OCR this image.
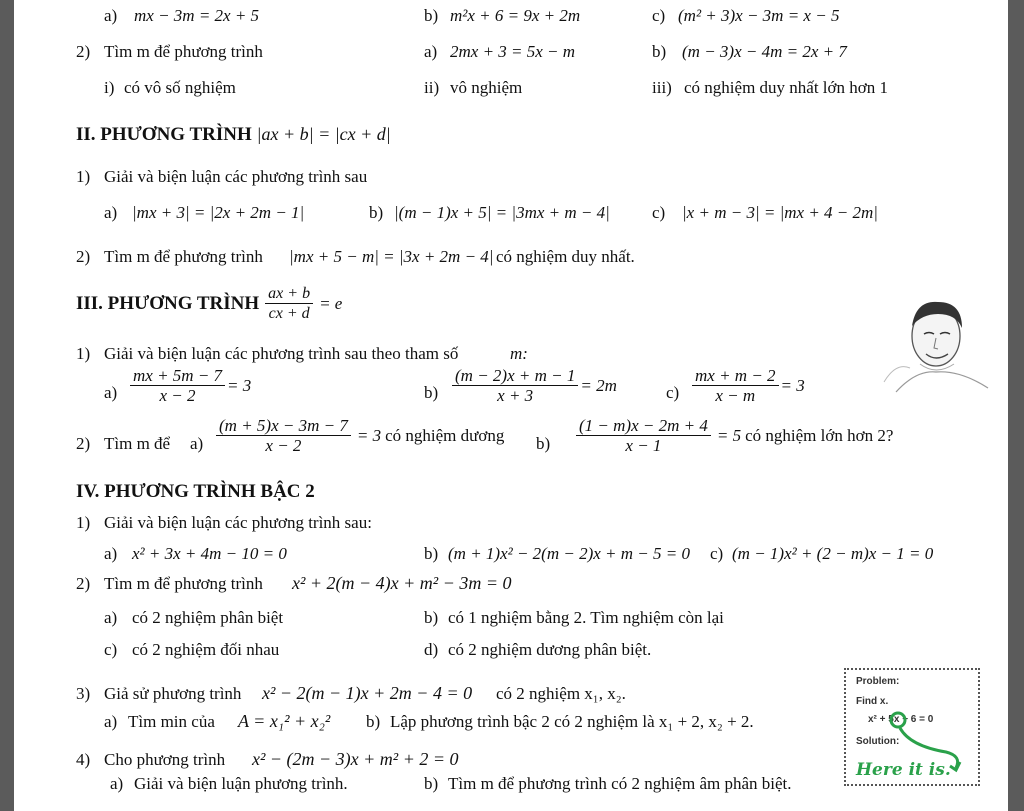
a) mx − 3m = 2x + 5	b) m²x + 6 = 9x + 2m	c) (m² + 3)x − 3m = x − 5
2) Tìm m để phương trình	a) 2mx + 3 = 5x − m	b) (m − 3)x − 4m = 2x + 7
i) có vô số nghiệm	ii) vô nghiệm	iii) có nghiệm duy nhất lớn hơn 1
II. PHƯƠNG TRÌNH |ax + b| = |cx + d|
1) Giải và biện luận các phương trình sau
a) |mx + 3| = |2x + 2m − 1|	b) |(m − 1)x + 5| = |3mx + m − 4| c) |x + m − 3| = |mx + 4 − 2m|
2) Tìm m để phương trình |mx + 5 − m| = |3x + 2m − 4| có nghiệm duy nhất.
III. PHƯƠNG TRÌNH $\frac{ax + b}{cx + d} = e$
1) Giải và biện luận các phương trình sau theo tham số	m:
$a) \frac{mx + 5m - 7}{x - 2} = 3$	$b) \frac{(m - 2)x + m - 1}{x + 3} = 2m$	$c) \frac{mx + m - 2}{x - m} = 3$
2) Tìm m để $a) \frac{(m + 5)x - 3m - 7}{x - 2} = 3$ có nghiệm dương $b) \frac{(1 - m)x - 2m + 4}{x - 1} = 5$ có nghiệm lớn hơn 2?
IV. PHƯƠNG TRÌNH BẬC 2
1) Giải và biện luận các phương trình sau:
a) x² + 3x + 4m − 10 = 0	b) (m + 1)x² − 2(m − 2)x + m − 5 = 0 c) (m − 1)x² + (2 − m)x − 1 = 0
2) Tìm m để phương trình x² + 2(m − 4)x + m² − 3m = 0
a) có 2 nghiệm phân biệt	b) có 1 nghiệm bằng 2. Tìm nghiệm còn lại
c) có 2 nghiệm đối nhau	d) có 2 nghiệm dương phân biệt.
3) Giả sử phương trình x² − 2(m − 1)x + 2m − 4 = 0 có 2 nghiệm x₁, x₂.
a) Tìm min của A = x₁² + x₂² b) Lập phương trình bậc 2 có 2 nghiệm là x₁ + 2, x₂ + 2.
4) Cho phương trình x² − (2m − 3)x + m² + 2 = 0
a) Giải và biện luận phương trình.	b) Tìm m để phương trình có 2 nghiệm âm phân biệt.
Problem:
Find x.
x² + 5x − 6 = 0
Solution:
Here it is.
